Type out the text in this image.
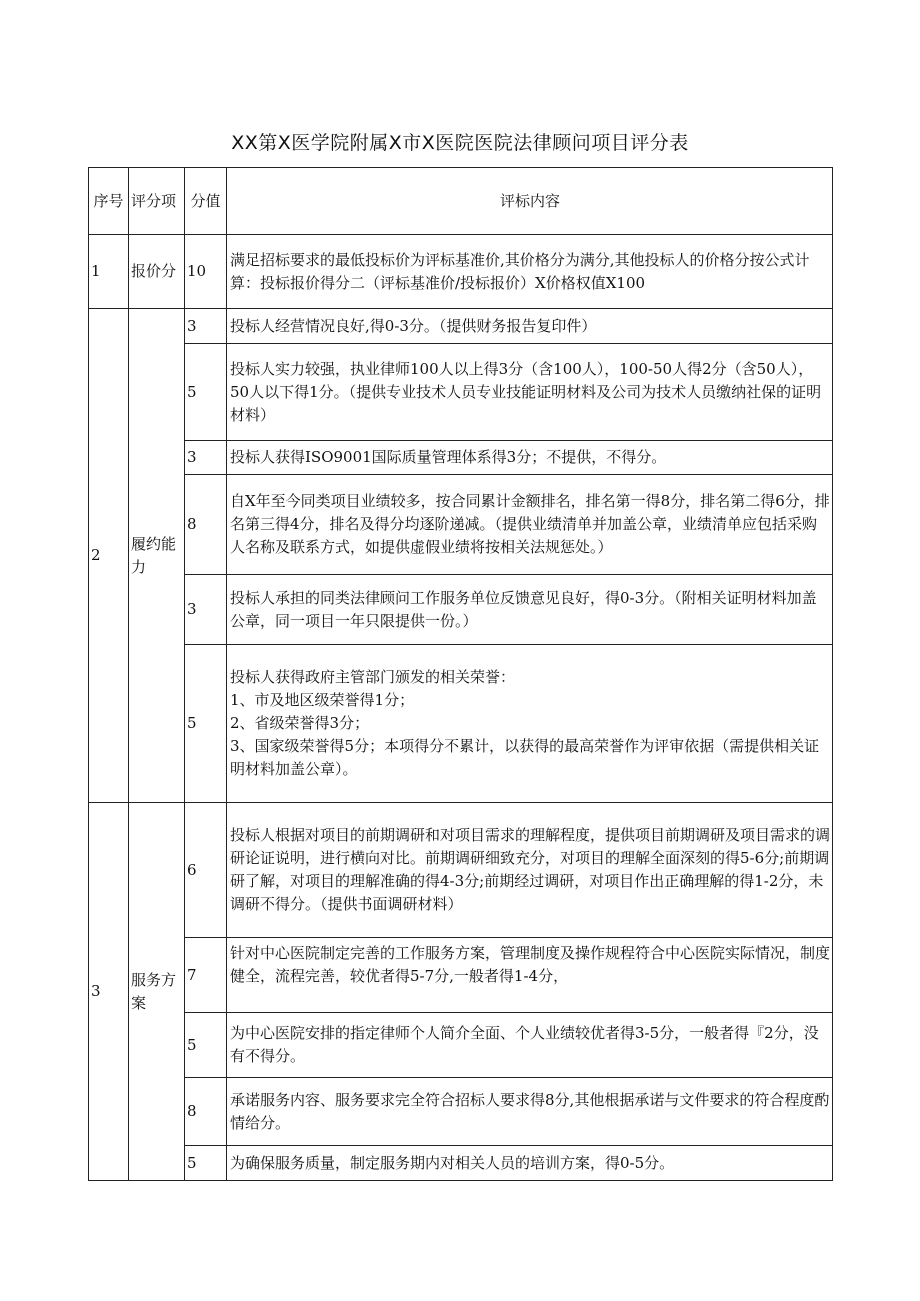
XX第X医学院附属X市X医院医院法律顾问项目评分表
序号	评分项	分值	评标内容
1	报价分	10	满足招标要求的最低投标价为评标基准价,其价格分为满分,其他投标人的价格分按公式计算：投标报价得分二（评标基准价/投标报价）X价格权值X100
2	履约能力	3	投标人经营情况良好,得0-3分。（提供财务报告复印件）
		5	投标人实力较强，执业律师100人以上得3分（含100人），100-50人得2分（含50人），50人以下得1分。（提供专业技术人员专业技能证明材料及公司为技术人员缴纳社保的证明材料）
		3	投标人获得ISO9001国际质量管理体系得3分；不提供，不得分。
		8	自X年至今同类项目业绩较多，按合同累计金额排名，排名第一得8分，排名第二得6分，排名第三得4分，排名及得分均逐阶递减。（提供业绩清单并加盖公章，业绩清单应包括采购人名称及联系方式，如提供虚假业绩将按相关法规惩处。）
		3	投标人承担的同类法律顾问工作服务单位反馈意见良好，得0-3分。（附相关证明材料加盖公章，同一项目一年只限提供一份。）
		5	投标人获得政府主管部门颁发的相关荣誉：
1、市及地区级荣誉得1分；
2、省级荣誉得3分；
3、国家级荣誉得5分；本项得分不累计，以获得的最高荣誉作为评审依据（需提供相关证明材料加盖公章）。
3	服务方案	6	投标人根据对项目的前期调研和对项目需求的理解程度，提供项目前期调研及项目需求的调研论证说明，进行横向对比。前期调研细致充分，对项目的理解全面深刻的得5-6分;前期调研了解，对项目的理解准确的得4-3分;前期经过调研，对项目作出正确理解的得1-2分，未调研不得分。（提供书面调研材料）
		7	针对中心医院制定完善的工作服务方案，管理制度及操作规程符合中心医院实际情况，制度健全，流程完善，较优者得5-7分,一般者得1-4分，
		5	为中心医院安排的指定律师个人简介全面、个人业绩较优者得3-5分，一般者得『2分，没有不得分。
		8	承诺服务内容、服务要求完全符合招标人要求得8分,其他根据承诺与文件要求的符合程度酌情给分。
		5	为确保服务质量，制定服务期内对相关人员的培训方案，得0-5分。
